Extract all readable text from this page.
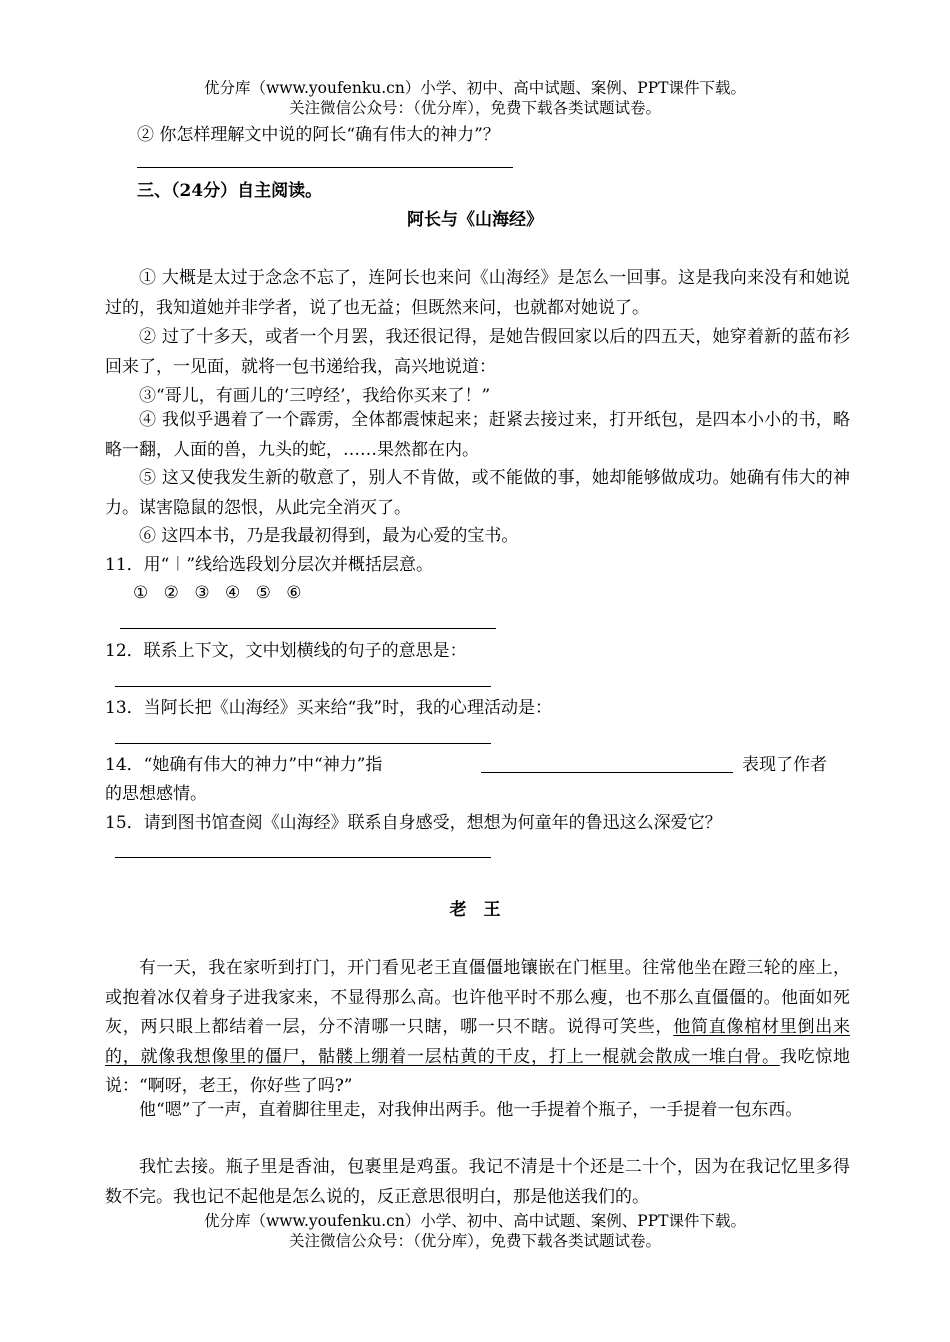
优分库（www.youfenku.cn）小学、初中、高中试题、案例、PPT课件下载。
关注微信公众号：（优分库），免费下载各类试题试卷。
② 你怎样理解文中说的阿长“确有伟大的神力”？
三、（24分）自主阅读。
阿长与《山海经》
① 大概是太过于念念不忘了，连阿长也来问《山海经》是怎么一回事。这是我向来没有和她说过的，我知道她并非学者，说了也无益；但既然来问，也就都对她说了。
② 过了十多天，或者一个月罢，我还很记得，是她告假回家以后的四五天，她穿着新的蓝布衫回来了，一见面，就将一包书递给我，高兴地说道：
③“哥儿，有画儿的‘三哼经’，我给你买来了！”
④ 我似乎遇着了一个霹雳，全体都震悚起来；赶紧去接过来，打开纸包，是四本小小的书，略略一翻，人面的兽，九头的蛇，……果然都在内。
⑤ 这又使我发生新的敬意了，别人不肯做，或不能做的事，她却能够做成功。她确有伟大的神力。谋害隐鼠的怨恨，从此完全消灭了。
⑥ 这四本书，乃是我最初得到，最为心爱的宝书。
11．用“︱”线给选段划分层次并概括层意。
① ② ③ ④ ⑤ ⑥
12．联系上下文，文中划横线的句子的意思是：
13．当阿长把《山海经》买来给“我”时，我的心理活动是：
14．“她确有伟大的神力”中“神力”指	表现了作者
的思想感情。
15．请到图书馆查阅《山海经》联系自身感受，想想为何童年的鲁迅这么深爱它？
老　王
有一天，我在家听到打门，开门看见老王直僵僵地镶嵌在门框里。往常他坐在蹬三轮的座上，或抱着冰仅着身子进我家来，不显得那么高。也许他平时不那么瘦，也不那么直僵僵的。他面如死灰，两只眼上都结着一层，分不清哪一只瞎，哪一只不瞎。说得可笑些，他简直像棺材里倒出来的，就像我想像里的僵尸，骷髅上绷着一层枯黄的干皮，打上一棍就会散成一堆白骨。我吃惊地说：“啊呀，老王，你好些了吗?”
他“嗯”了一声，直着脚往里走，对我伸出两手。他一手提着个瓶子，一手提着一包东西。
我忙去接。瓶子里是香油，包裹里是鸡蛋。我记不清是十个还是二十个，因为在我记忆里多得数不完。我也记不起他是怎么说的，反正意思很明白，那是他送我们的。
优分库（www.youfenku.cn）小学、初中、高中试题、案例、PPT课件下载。
关注微信公众号：（优分库），免费下载各类试题试卷。
